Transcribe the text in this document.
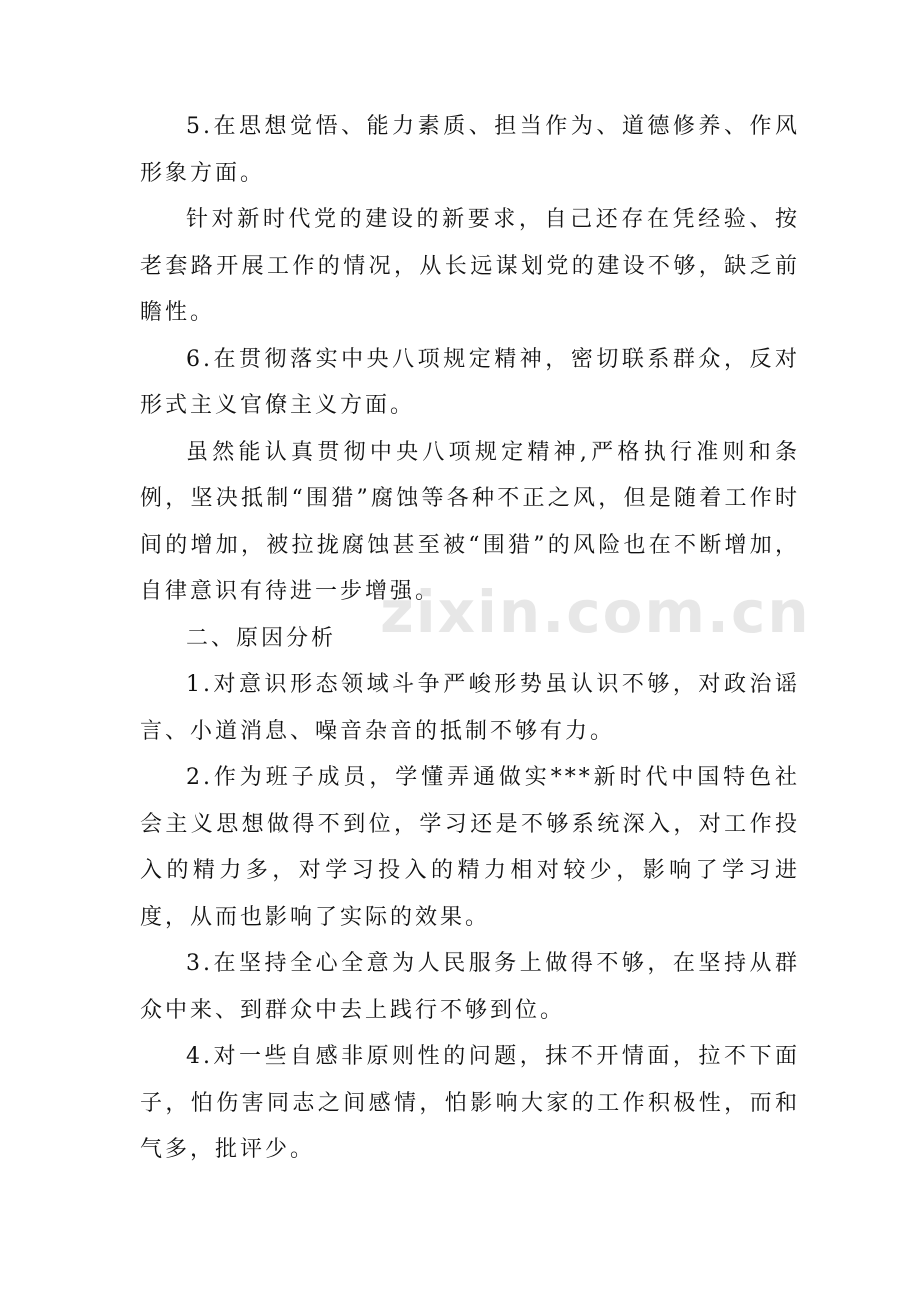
5.在思想觉悟、能力素质、担当作为、道德修养、作风形象方面。

针对新时代党的建设的新要求，自己还存在凭经验、按老套路开展工作的情况，从长远谋划党的建设不够，缺乏前瞻性。

6.在贯彻落实中央八项规定精神，密切联系群众，反对形式主义官僚主义方面。

虽然能认真贯彻中央八项规定精神,严格执行准则和条例，坚决抵制“围猎”腐蚀等各种不正之风，但是随着工作时间的增加，被拉拢腐蚀甚至被“围猎”的风险也在不断增加，自律意识有待进一步增强。

二、原因分析

1.对意识形态领域斗争严峻形势虽认识不够，对政治谣言、小道消息、噪音杂音的抵制不够有力。

2.作为班子成员，学懂弄通做实***新时代中国特色社会主义思想做得不到位，学习还是不够系统深入，对工作投入的精力多，对学习投入的精力相对较少，影响了学习进度，从而也影响了实际的效果。

3.在坚持全心全意为人民服务上做得不够，在坚持从群众中来、到群众中去上践行不够到位。

4.对一些自感非原则性的问题，抹不开情面，拉不下面子，怕伤害同志之间感情，怕影响大家的工作积极性，而和气多，批评少。

zixin.com.cn
